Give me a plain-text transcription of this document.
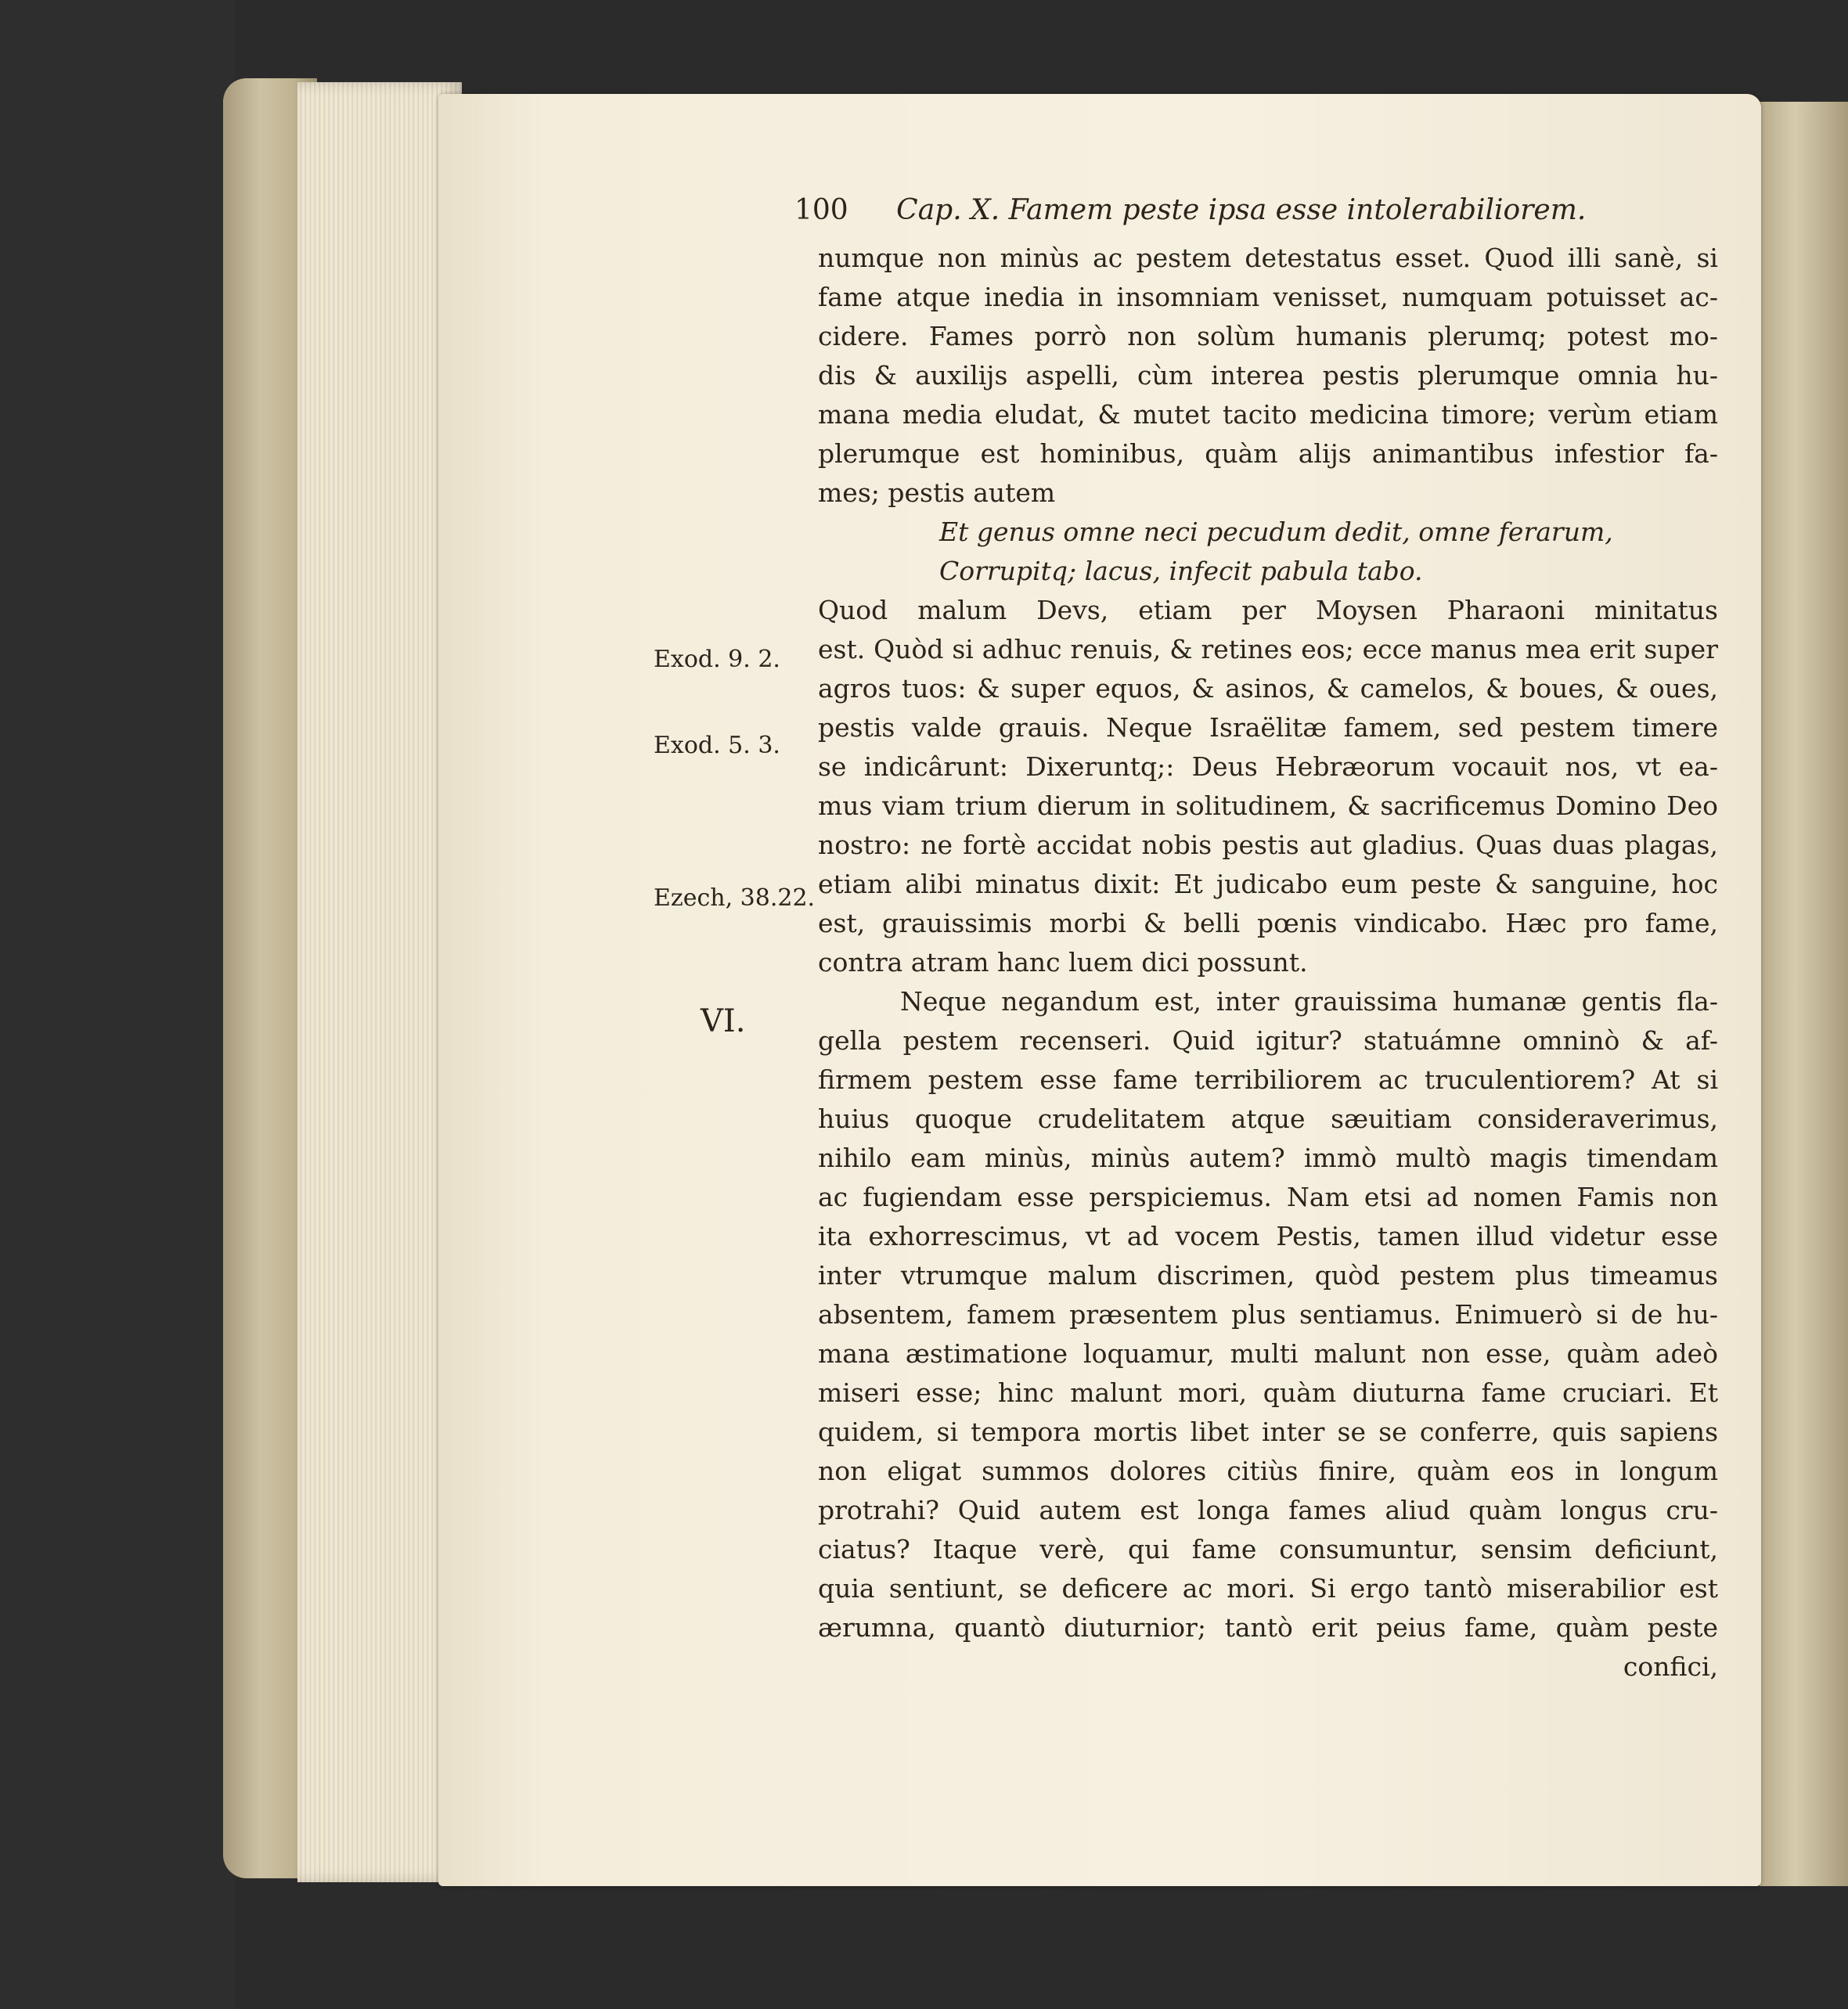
100 Cap. X. Famem peste ipsa esse intolerabiliorem.
Exod. 9. 2.
Exod. 5. 3.
Ezech, 38.22.
VI.
numque non minùs ac pestem detestatus esset. Quod illi sanè, si
fame atque inedia in insomniam venisset, numquam potuisset ac-
cidere. Fames porrò non solùm humanis plerumq; potest mo-
dis & auxilijs aspelli, cùm interea pestis plerumque omnia hu-
mana media eludat, & mutet tacito medicina timore; verùm etiam
plerumque est hominibus, quàm alijs animantibus infestior fa-
mes; pestis autem
Et genus omne neci pecudum dedit, omne ferarum,
Corrupitq; lacus, infecit pabula tabo.
Quod malum Devs, etiam per Moysen Pharaoni minitatus
est. Quòd si adhuc renuis, & retines eos; ecce manus mea erit super
agros tuos: & super equos, & asinos, & camelos, & boues, & oues,
pestis valde grauis. Neque Israëlitæ famem, sed pestem timere
se indicârunt: Dixeruntq;: Deus Hebræorum vocauit nos, vt ea-
mus viam trium dierum in solitudinem, & sacrificemus Domino Deo
nostro: ne fortè accidat nobis pestis aut gladius. Quas duas plagas,
etiam alibi minatus dixit: Et judicabo eum peste & sanguine, hoc
est, grauissimis morbi & belli pœnis vindicabo. Hæc pro fame,
contra atram hanc luem dici possunt.
Neque negandum est, inter grauissima humanæ gentis fla-
gella pestem recenseri. Quid igitur? statuámne omninò & af-
firmem pestem esse fame terribiliorem ac truculentiorem? At si
huius quoque crudelitatem atque sæuitiam consideraverimus,
nihilo eam minùs, minùs autem? immò multò magis timendam
ac fugiendam esse perspiciemus. Nam etsi ad nomen Famis non
ita exhorrescimus, vt ad vocem Pestis, tamen illud videtur esse
inter vtrumque malum discrimen, quòd pestem plus timeamus
absentem, famem præsentem plus sentiamus. Enimuerò si de hu-
mana æstimatione loquamur, multi malunt non esse, quàm adeò
miseri esse; hinc malunt mori, quàm diuturna fame cruciari. Et
quidem, si tempora mortis libet inter se se conferre, quis sapiens
non eligat summos dolores citiùs finire, quàm eos in longum
protrahi? Quid autem est longa fames aliud quàm longus cru-
ciatus? Itaque verè, qui fame consumuntur, sensim deficiunt,
quia sentiunt, se deficere ac mori. Si ergo tantò miserabilior est
ærumna, quantò diuturnior; tantò erit peius fame, quàm peste
confici,
